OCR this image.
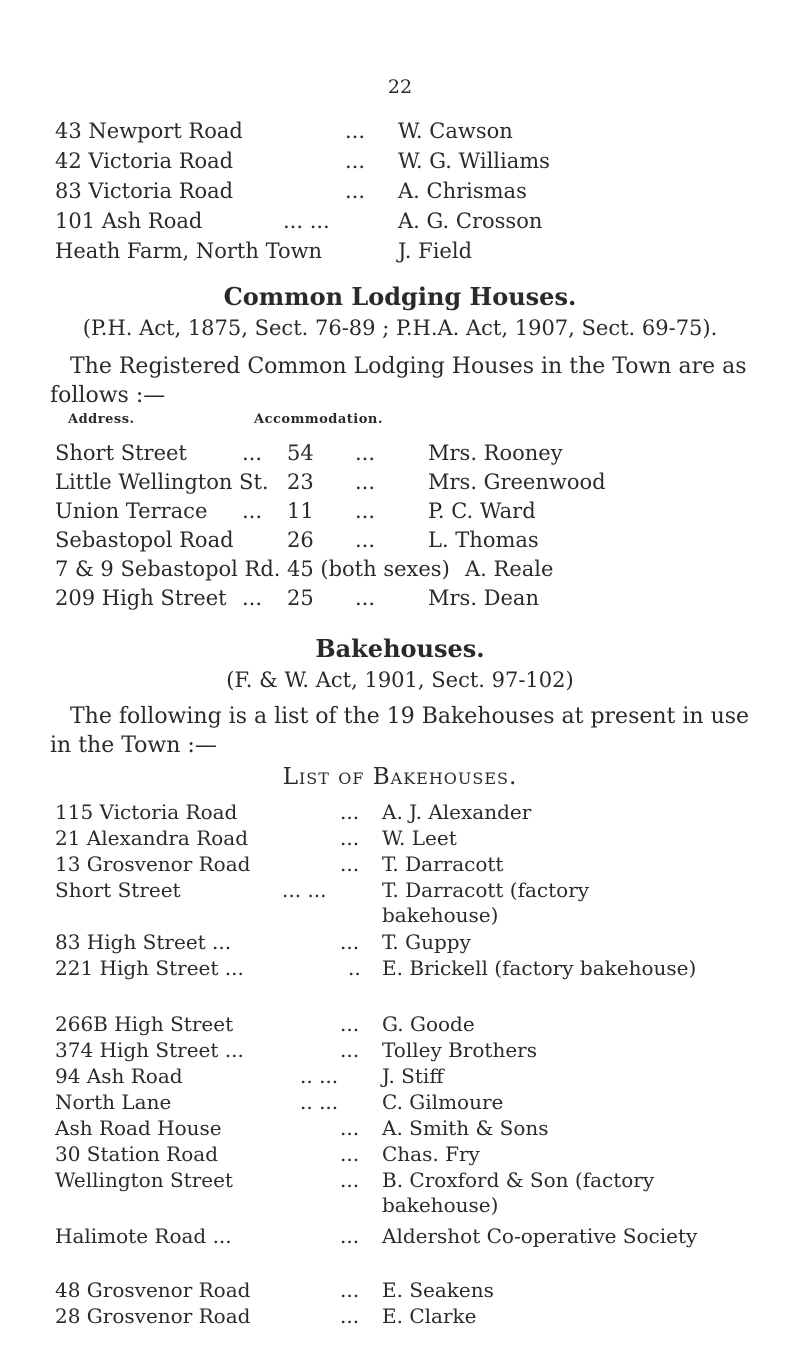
22
43 Newport Road	... W. Cawson
42 Victoria Road	... W. G. Williams
83 Victoria Road	... A. Chrismas
101 Ash Road	... ...	A. G. Crosson
Heath Farm, North Town	J. Field
Common Lodging Houses.
(P.H. Act, 1875, Sect. 76-89 ; P.H.A. Act, 1907, Sect. 69-75).
The Registered Common Lodging Houses in the Town are as follows :—
Address.	Accommodation.
Short Street	... 54 ...	Mrs. Rooney
Little Wellington St. 23 ...	Mrs. Greenwood
Union Terrace ... 11 ...	P. C. Ward
Sebastopol Road	26 ...	L. Thomas
7 & 9 Sebastopol Rd. 45 (both sexes) A. Reale
209 High Street ... 25 ...	Mrs. Dean
Bakehouses.
(F. & W. Act, 1901, Sect. 97-102)
The following is a list of the 19 Bakehouses at present in use in the Town :—
List of Bakehouses.
115 Victoria Road	... A. J. Alexander
21 Alexandra Road	... W. Leet
13 Grosvenor Road	... T. Darracott
Short Street	... ...	T. Darracott (factory bakehouse)
83 High Street ...	... T. Guppy
221 High Street ...	.. E. Brickell (factory bakehouse)
266B High Street	... G. Goode
374 High Street ...	... Tolley Brothers
94 Ash Road	.. ... J. Stiff
North Lane	.. ... C. Gilmoure
Ash Road House	... A. Smith & Sons
30 Station Road	... Chas. Fry
Wellington Street	... B. Croxford & Son (factory bakehouse)
Halimote Road ...	... Aldershot Co-operative Society
48 Grosvenor Road	... E. Seakens
28 Grosvenor Road	... E. Clarke
